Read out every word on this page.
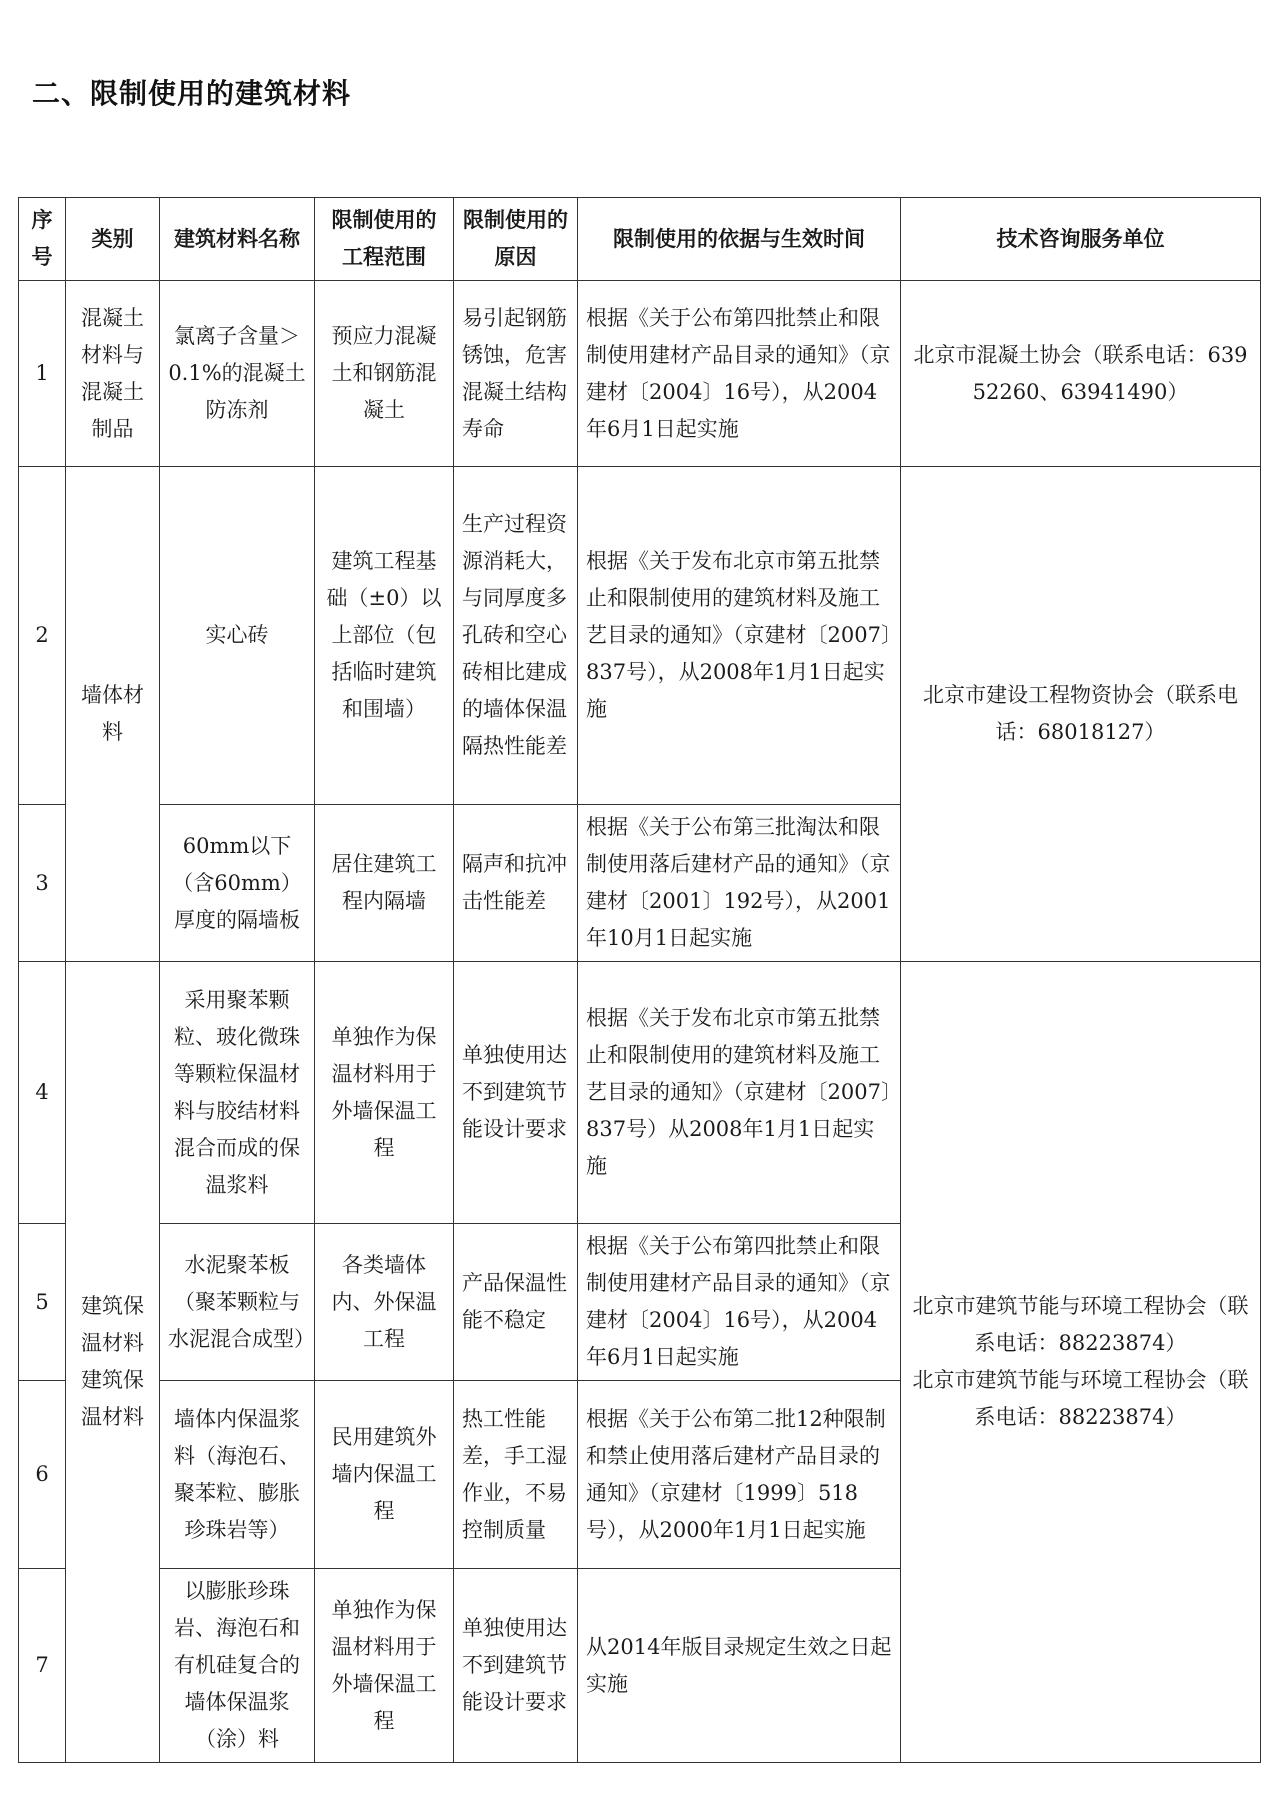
二、限制使用的建筑材料
序号	类别	建筑材料名称	限制使用的工程范围	限制使用的原因	限制使用的依据与生效时间	技术咨询服务单位
1	混凝土材料与混凝土制品	氯离子含量＞0.1%的混凝土防冻剂	预应力混凝土和钢筋混凝土	易引起钢筋锈蚀，危害混凝土结构寿命	根据《关于公布第四批禁止和限制使用建材产品目录的通知》（京建材〔2004〕16号），从2004年6月1日起实施	北京市混凝土协会（联系电话：63952260、63941490）
2	墙体材料	实心砖	建筑工程基础（±0）以上部位（包括临时建筑和围墙）	生产过程资源消耗大，与同厚度多孔砖和空心砖相比建成的墙体保温隔热性能差	根据《关于发布北京市第五批禁止和限制使用的建筑材料及施工艺目录的通知》（京建材〔2007〕837号），从2008年1月1日起实施	北京市建设工程物资协会（联系电话：68018127）
3		60mm以下（含60mm）厚度的隔墙板	居住建筑工程内隔墙	隔声和抗冲击性能差	根据《关于公布第三批淘汰和限制使用落后建材产品的通知》（京建材〔2001〕192号），从2001年10月1日起实施	
4	建筑保温材料建筑保温材料	采用聚苯颗粒、玻化微珠等颗粒保温材料与胶结材料混合而成的保温浆料	单独作为保温材料用于外墙保温工程	单独使用达不到建筑节能设计要求	根据《关于发布北京市第五批禁止和限制使用的建筑材料及施工艺目录的通知》（京建材〔2007〕837号）从2008年1月1日起实施	北京市建筑节能与环境工程协会（联系电话：88223874）
北京市建筑节能与环境工程协会（联系电话：88223874）

5		水泥聚苯板（聚苯颗粒与水泥混合成型）	各类墙体内、外保温工程	产品保温性能不稳定	根据《关于公布第四批禁止和限制使用建材产品目录的通知》（京建材〔2004〕16号），从2004年6月1日起实施	
6		墙体内保温浆料（海泡石、聚苯粒、膨胀珍珠岩等）	民用建筑外墙内保温工程	热工性能差，手工湿作业，不易控制质量	根据《关于公布第二批12种限制和禁止使用落后建材产品目录的通知》（京建材〔1999〕518号），从2000年1月1日起实施	
7		以膨胀珍珠岩、海泡石和有机硅复合的墙体保温浆（涂）料	单独作为保温材料用于外墙保温工程	单独使用达不到建筑节能设计要求	从2014年版目录规定生效之日起实施	
